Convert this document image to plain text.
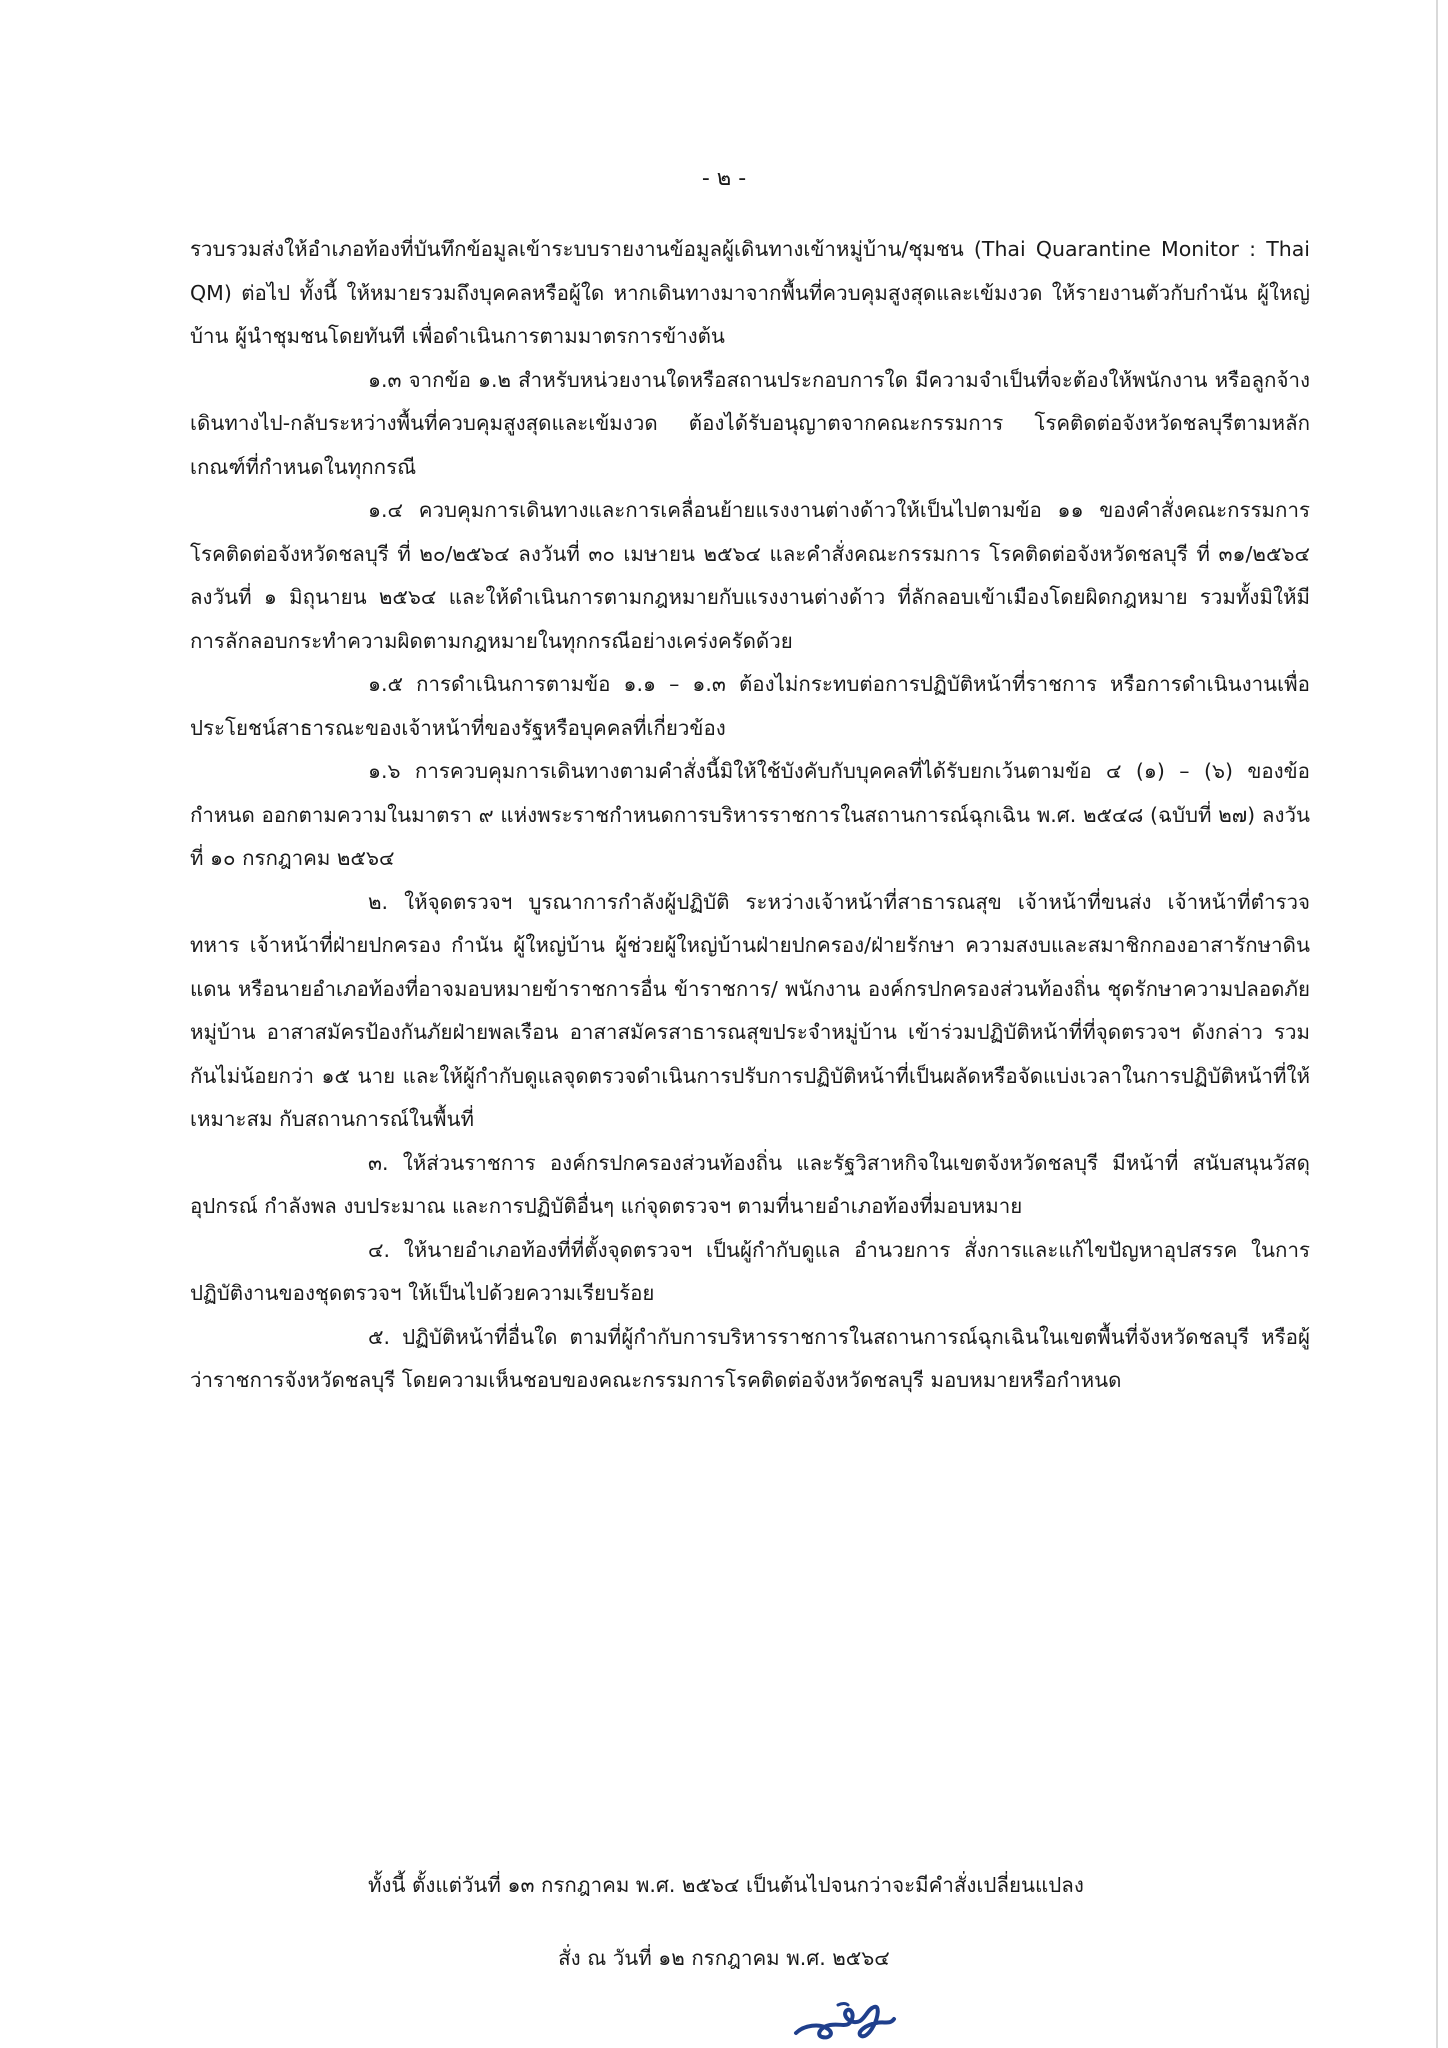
- ๒ -

รวบรวมส่งให้อำเภอท้องที่บันทึกข้อมูลเข้าระบบรายงานข้อมูลผู้เดินทางเข้าหมู่บ้าน/ชุมชน (Thai Quarantine Monitor : Thai QM) ต่อไป ทั้งนี้ ให้หมายรวมถึงบุคคลหรือผู้ใด หากเดินทางมาจากพื้นที่ควบคุมสูงสุดและเข้มงวด ให้รายงานตัวกับกำนัน ผู้ใหญ่บ้าน ผู้นำชุมชนโดยทันที เพื่อดำเนินการตามมาตรการข้างต้น

๑.๓ จากข้อ ๑.๒ สำหรับหน่วยงานใดหรือสถานประกอบการใด มีความจำเป็นที่จะต้องให้พนักงาน หรือลูกจ้าง เดินทางไป-กลับระหว่างพื้นที่ควบคุมสูงสุดและเข้มงวด ต้องได้รับอนุญาตจากคณะกรรมการ โรคติดต่อจังหวัดชลบุรีตามหลักเกณฑ์ที่กำหนดในทุกกรณี

๑.๔ ควบคุมการเดินทางและการเคลื่อนย้ายแรงงานต่างด้าวให้เป็นไปตามข้อ ๑๑ ของคำสั่งคณะกรรมการโรคติดต่อจังหวัดชลบุรี ที่ ๒๐/๒๕๖๔ ลงวันที่ ๓๐ เมษายน ๒๕๖๔ และคำสั่งคณะกรรมการ โรคติดต่อจังหวัดชลบุรี ที่ ๓๑/๒๕๖๔ ลงวันที่ ๑ มิถุนายน ๒๕๖๔ และให้ดำเนินการตามกฎหมายกับแรงงานต่างด้าว ที่ลักลอบเข้าเมืองโดยผิดกฎหมาย รวมทั้งมิให้มีการลักลอบกระทำความผิดตามกฎหมายในทุกกรณีอย่างเคร่งครัดด้วย

๑.๕ การดำเนินการตามข้อ ๑.๑ – ๑.๓ ต้องไม่กระทบต่อการปฏิบัติหน้าที่ราชการ หรือการดำเนินงานเพื่อประโยชน์สาธารณะของเจ้าหน้าที่ของรัฐหรือบุคคลที่เกี่ยวข้อง

๑.๖ การควบคุมการเดินทางตามคำสั่งนี้มิให้ใช้บังคับกับบุคคลที่ได้รับยกเว้นตามข้อ ๔ (๑) – (๖) ของข้อกำหนด ออกตามความในมาตรา ๙ แห่งพระราชกำหนดการบริหารราชการในสถานการณ์ฉุกเฉิน พ.ศ. ๒๕๔๘ (ฉบับที่ ๒๗) ลงวันที่ ๑๐ กรกฎาคม ๒๕๖๔

๒. ให้จุดตรวจฯ บูรณาการกำลังผู้ปฏิบัติ ระหว่างเจ้าหน้าที่สาธารณสุข เจ้าหน้าที่ขนส่ง เจ้าหน้าที่ตำรวจ ทหาร เจ้าหน้าที่ฝ่ายปกครอง กำนัน ผู้ใหญ่บ้าน ผู้ช่วยผู้ใหญ่บ้านฝ่ายปกครอง/ฝ่ายรักษา ความสงบและสมาชิกกองอาสารักษาดินแดน หรือนายอำเภอท้องที่อาจมอบหมายข้าราชการอื่น ข้าราชการ/ พนักงาน องค์กรปกครองส่วนท้องถิ่น ชุดรักษาความปลอดภัยหมู่บ้าน อาสาสมัครป้องกันภัยฝ่ายพลเรือน อาสาสมัครสาธารณสุขประจำหมู่บ้าน เข้าร่วมปฏิบัติหน้าที่ที่จุดตรวจฯ ดังกล่าว รวมกันไม่น้อยกว่า ๑๕ นาย และให้ผู้กำกับดูแลจุดตรวจดำเนินการปรับการปฏิบัติหน้าที่เป็นผลัดหรือจัดแบ่งเวลาในการปฏิบัติหน้าที่ให้เหมาะสม กับสถานการณ์ในพื้นที่

๓. ให้ส่วนราชการ องค์กรปกครองส่วนท้องถิ่น และรัฐวิสาหกิจในเขตจังหวัดชลบุรี มีหน้าที่ สนับสนุนวัสดุ อุปกรณ์ กำลังพล งบประมาณ และการปฏิบัติอื่นๆ แก่จุดตรวจฯ ตามที่นายอำเภอท้องที่มอบหมาย

๔. ให้นายอำเภอท้องที่ที่ตั้งจุดตรวจฯ เป็นผู้กำกับดูแล อำนวยการ สั่งการและแก้ไขปัญหาอุปสรรค ในการปฏิบัติงานของชุดตรวจฯ ให้เป็นไปด้วยความเรียบร้อย

๕. ปฏิบัติหน้าที่อื่นใด ตามที่ผู้กำกับการบริหารราชการในสถานการณ์ฉุกเฉินในเขตพื้นที่จังหวัดชลบุรี หรือผู้ว่าราชการจังหวัดชลบุรี โดยความเห็นชอบของคณะกรรมการโรคติดต่อจังหวัดชลบุรี มอบหมายหรือกำหนด

ทั้งนี้ ตั้งแต่วันที่ ๑๓ กรกฎาคม พ.ศ. ๒๕๖๔ เป็นต้นไปจนกว่าจะมีคำสั่งเปลี่ยนแปลง
สั่ง ณ วันที่ ๑๒ กรกฎาคม พ.ศ. ๒๕๖๔
